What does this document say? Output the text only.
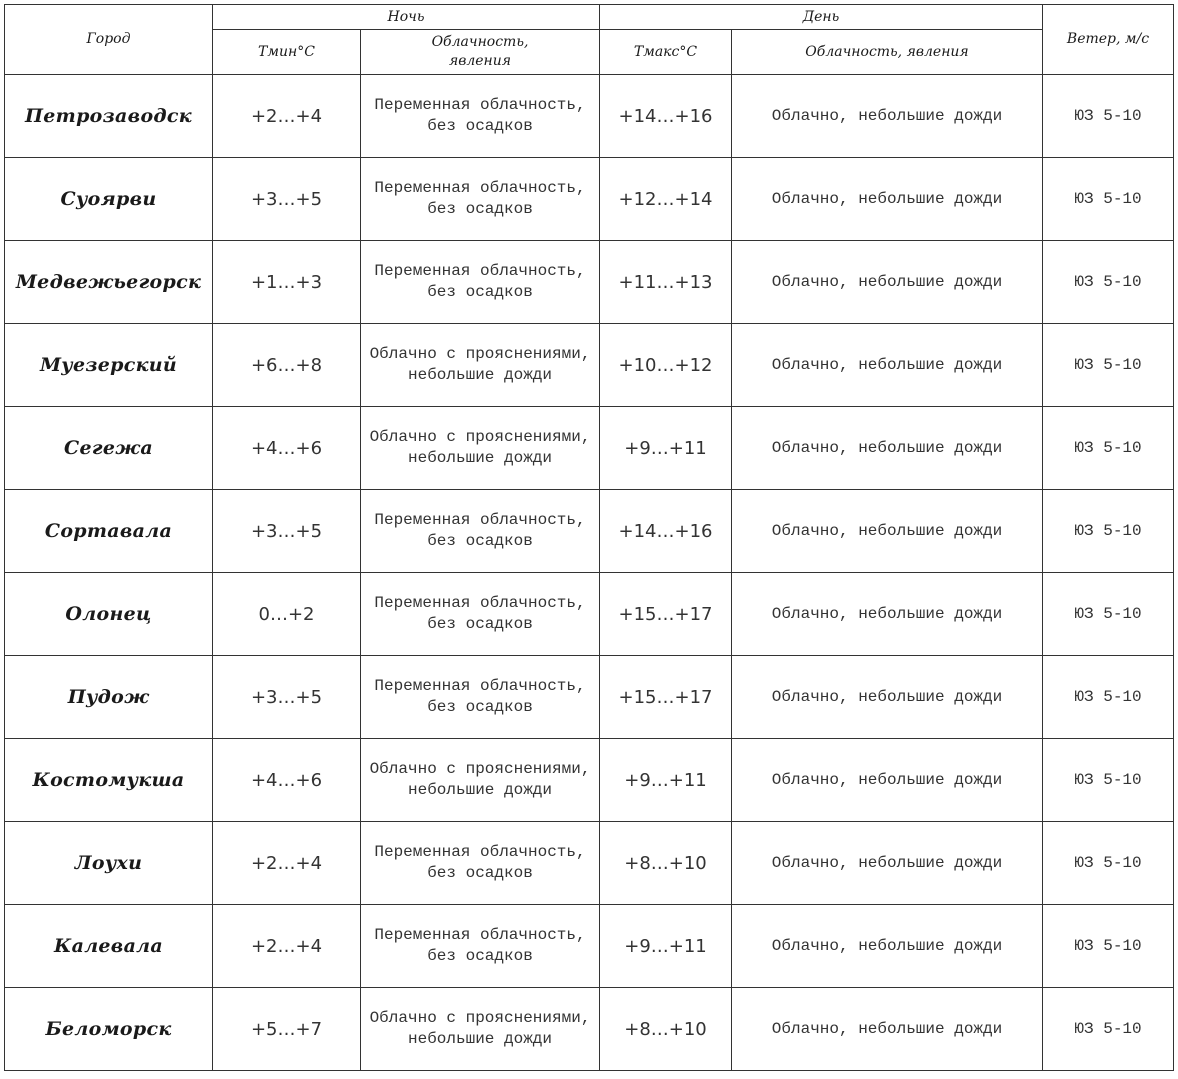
Город	Ночь		День		Ветер, м/с
	Тмин°С	Облачность, явления	Тмакс°С	Облачность, явления	
Петрозаводск	+2…+4	Переменная облачность, без осадков	+14…+16	Облачно, небольшие дожди	ЮЗ 5-10
Суоярви	+3…+5	Переменная облачность, без осадков	+12…+14	Облачно, небольшие дожди	ЮЗ 5-10
Медвежьегорск	+1…+3	Переменная облачность, без осадков	+11…+13	Облачно, небольшие дожди	ЮЗ 5-10
Муезерский	+6…+8	Облачно с прояснениями, небольшие дожди	+10…+12	Облачно, небольшие дожди	ЮЗ 5-10
Сегежа	+4…+6	Облачно с прояснениями, небольшие дожди	+9…+11	Облачно, небольшие дожди	ЮЗ 5-10
Сортавала	+3…+5	Переменная облачность, без осадков	+14…+16	Облачно, небольшие дожди	ЮЗ 5-10
Олонец	0…+2	Переменная облачность, без осадков	+15…+17	Облачно, небольшие дожди	ЮЗ 5-10
Пудож	+3…+5	Переменная облачность, без осадков	+15…+17	Облачно, небольшие дожди	ЮЗ 5-10
Костомукша	+4…+6	Облачно с прояснениями, небольшие дожди	+9…+11	Облачно, небольшие дожди	ЮЗ 5-10
Лоухи	+2…+4	Переменная облачность, без осадков	+8…+10	Облачно, небольшие дожди	ЮЗ 5-10
Калевала	+2…+4	Переменная облачность, без осадков	+9…+11	Облачно, небольшие дожди	ЮЗ 5-10
Беломорск	+5…+7	Облачно с прояснениями, небольшие дожди	+8…+10	Облачно, небольшие дожди	ЮЗ 5-10
